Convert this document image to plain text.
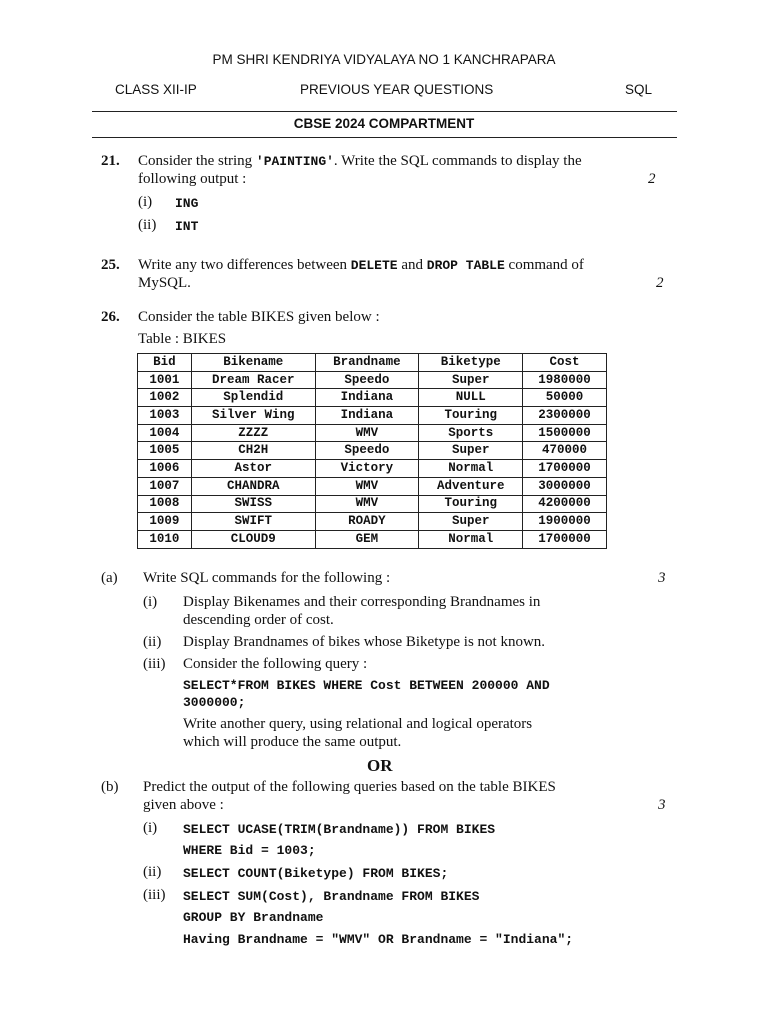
PM SHRI KENDRIYA VIDYALAYA NO 1 KANCHRAPARA
CLASS XII-IP	PREVIOUS YEAR QUESTIONS	SQL
CBSE 2024 COMPARTMENT
21. Consider the string 'PAINTING'. Write the SQL commands to display the
following output :	2
(i) ING
(ii) INT
25. Write any two differences between DELETE and DROP TABLE command of
MySQL.	2
26. Consider the table BIKES given below :
Table : BIKES
Bid	Bikename	Brandname	Biketype	Cost
1001	Dream Racer	Speedo	Super	1980000
1002	Splendid	Indiana	NULL	50000
1003	Silver Wing	Indiana	Touring	2300000
1004	ZZZZ	WMV	Sports	1500000
1005	CH2H	Speedo	Super	470000
1006	Astor	Victory	Normal	1700000
1007	CHANDRA	WMV	Adventure	3000000
1008	SWISS	WMV	Touring	4200000
1009	SWIFT	ROADY	Super	1900000
1010	CLOUD9	GEM	Normal	1700000
(a) Write SQL commands for the following :	3
(i) Display Bikenames and their corresponding Brandnames in
descending order of cost.
(ii) Display Brandnames of bikes whose Biketype is not known.
(iii) Consider the following query :
SELECT*FROM BIKES WHERE Cost BETWEEN 200000 AND
3000000;
Write another query, using relational and logical operators
which will produce the same output.
OR
(b) Predict the output of the following queries based on the table BIKES
given above :	3
(i) SELECT UCASE(TRIM(Brandname)) FROM BIKES
WHERE Bid = 1003;
(ii) SELECT COUNT(Biketype) FROM BIKES;
(iii) SELECT SUM(Cost), Brandname FROM BIKES
GROUP BY Brandname
Having Brandname = "WMV" OR Brandname = "Indiana";
